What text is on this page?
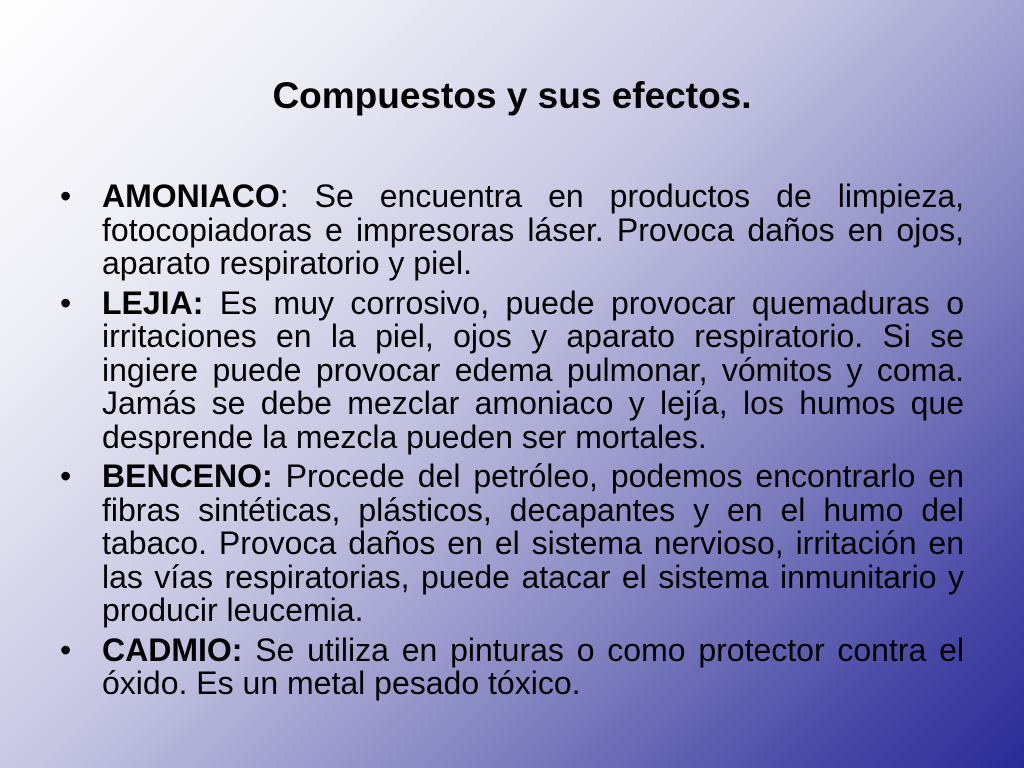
Compuestos y sus efectos.
• AMONIACO: Se encuentra en productos de limpieza, fotocopiadoras e impresoras láser. Provoca daños en ojos, aparato respiratorio y piel.
• LEJIA: Es muy corrosivo, puede provocar quemaduras o irritaciones en la piel, ojos y aparato respiratorio. Si se ingiere puede provocar edema pulmonar, vómitos y coma. Jamás se debe mezclar amoniaco y lejía, los humos que desprende la mezcla pueden ser mortales.
• BENCENO: Procede del petróleo, podemos encontrarlo en fibras sintéticas, plásticos, decapantes y en el humo del tabaco. Provoca daños en el sistema nervioso, irritación en las vías respiratorias, puede atacar el sistema inmunitario y producir leucemia.
• CADMIO: Se utiliza en pinturas o como protector contra el óxido. Es un metal pesado tóxico.
